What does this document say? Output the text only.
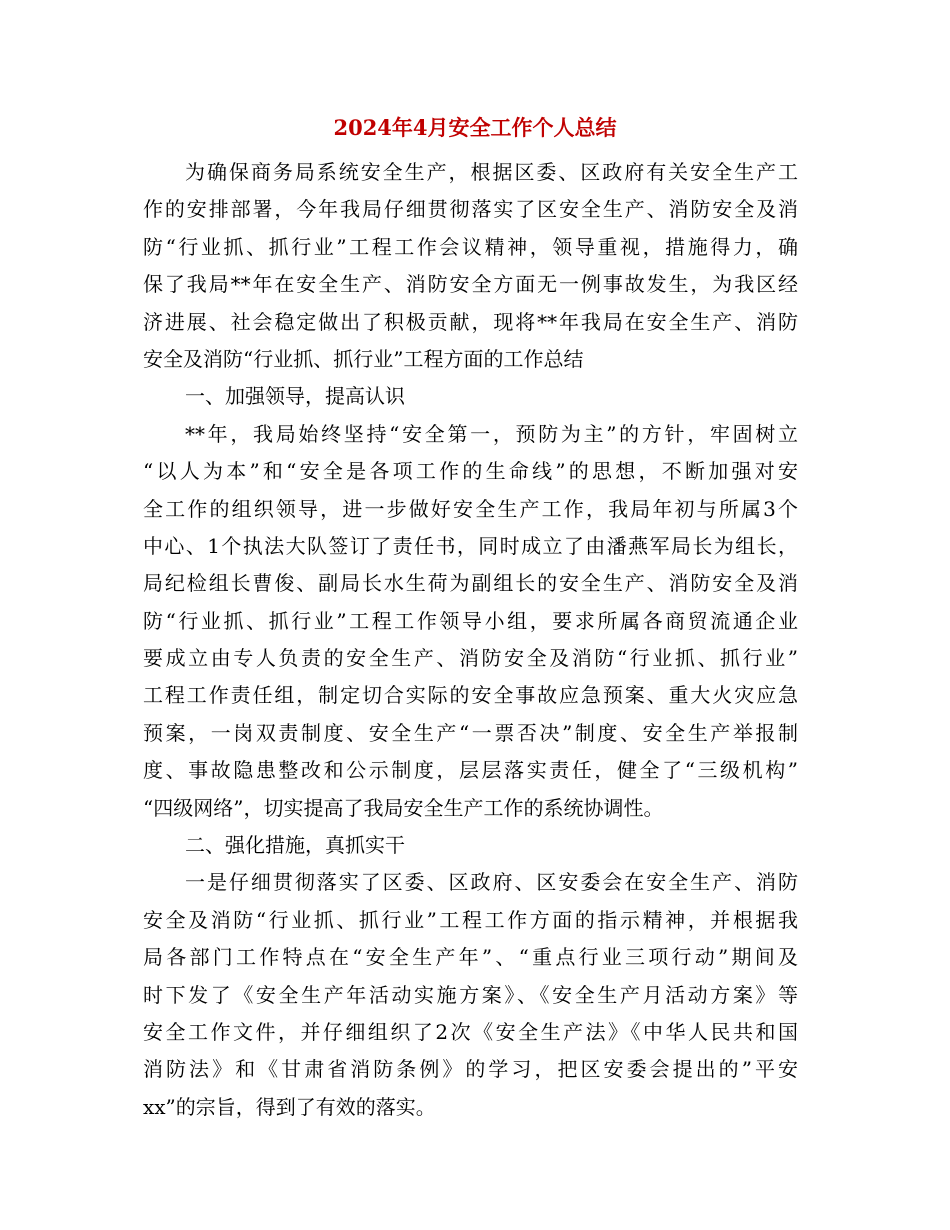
2024年4月安全工作个人总结
为确保商务局系统安全生产，根据区委、区政府有关安全生产工
作的安排部署，今年我局仔细贯彻落实了区安全生产、消防安全及消
防“行业抓、抓行业”工程工作会议精神，领导重视，措施得力，确
保了我局**年在安全生产、消防安全方面无一例事故发生，为我区经
济进展、社会稳定做出了积极贡献，现将**年我局在安全生产、消防
安全及消防“行业抓、抓行业”工程方面的工作总结
一、加强领导，提高认识
**年，我局始终坚持“安全第一，预防为主”的方针，牢固树立
“以人为本”和“安全是各项工作的生命线”的思想，不断加强对安
全工作的组织领导，进一步做好安全生产工作，我局年初与所属3个
中心、1个执法大队签订了责任书，同时成立了由潘燕军局长为组长，
局纪检组长曹俊、副局长水生荷为副组长的安全生产、消防安全及消
防“行业抓、抓行业”工程工作领导小组，要求所属各商贸流通企业
要成立由专人负责的安全生产、消防安全及消防“行业抓、抓行业”
工程工作责任组，制定切合实际的安全事故应急预案、重大火灾应急
预案，一岗双责制度、安全生产“一票否决”制度、安全生产举报制
度、事故隐患整改和公示制度，层层落实责任，健全了“三级机构”
“四级网络”，切实提高了我局安全生产工作的系统协调性。
二、强化措施，真抓实干
一是仔细贯彻落实了区委、区政府、区安委会在安全生产、消防
安全及消防“行业抓、抓行业”工程工作方面的指示精神，并根据我
局各部门工作特点在“安全生产年”、“重点行业三项行动”期间及
时下发了《安全生产年活动实施方案》、《安全生产月活动方案》等
安全工作文件，并仔细组织了2次《安全生产法》《中华人民共和国
消防法》和《甘肃省消防条例》的学习，把区安委会提出的”平安
xx”的宗旨，得到了有效的落实。
